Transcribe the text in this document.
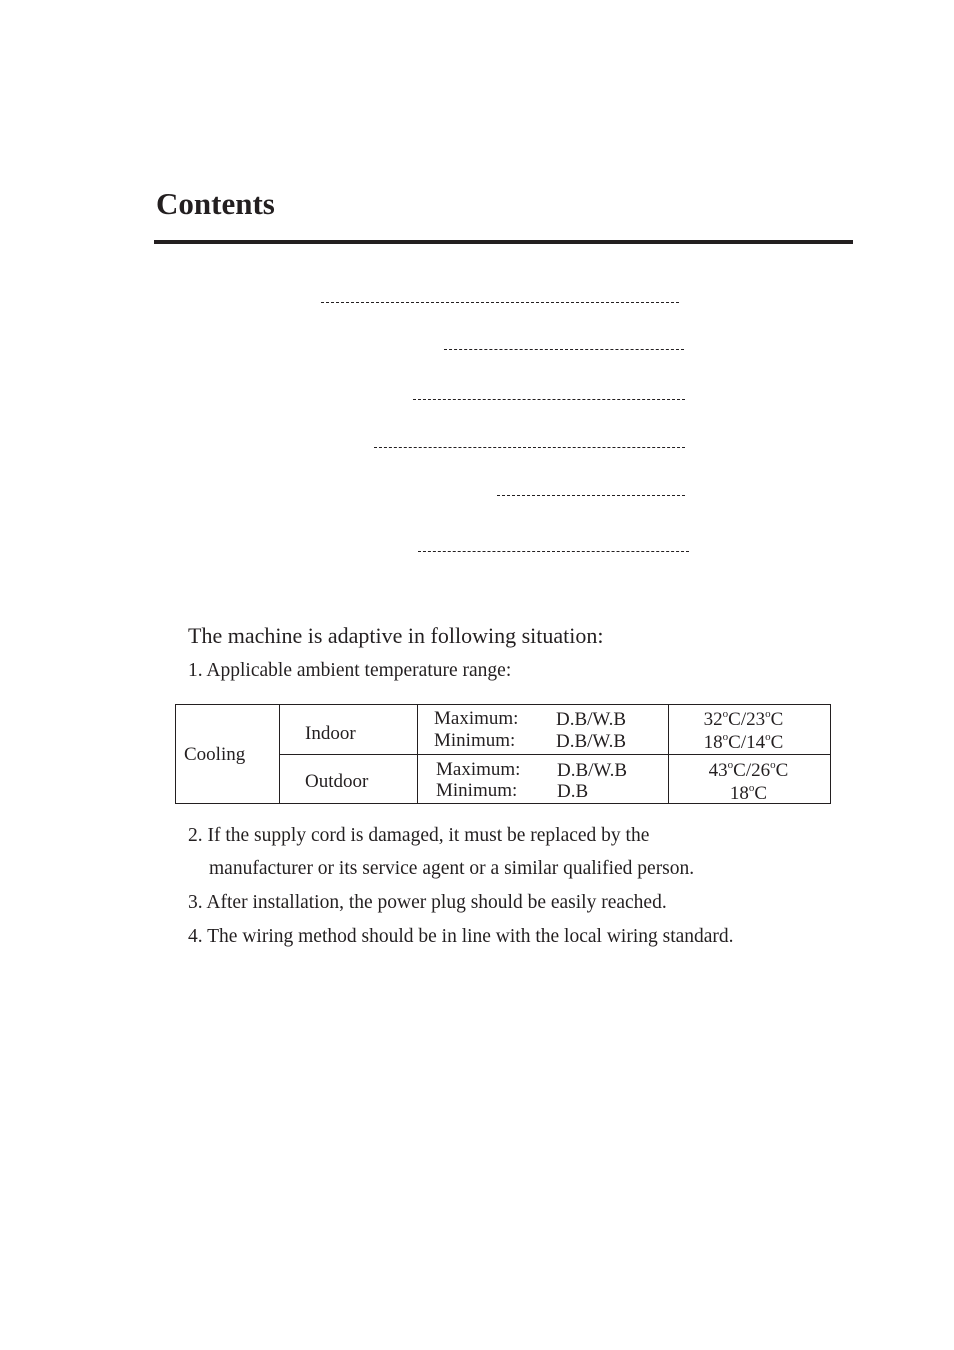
Contents
The machine is adaptive in following situation:
1. Applicable ambient temperature range:
Cooling
Indoor
Maximum:
Minimum:
D.B/W.B
D.B/W.B
32$^o$C/23$^o$C
18$^o$C/14$^o$C
Outdoor
Maximum:
Minimum:
D.B/W.B
D.B
43$^o$C/26$^o$C
18$^o$C
2. If the supply cord is damaged, it must be replaced by the
manufacturer or its service agent or a similar qualified person.
3. After installation, the power plug should be easily reached.
4. The wiring method should be in line with the local wiring standard.
